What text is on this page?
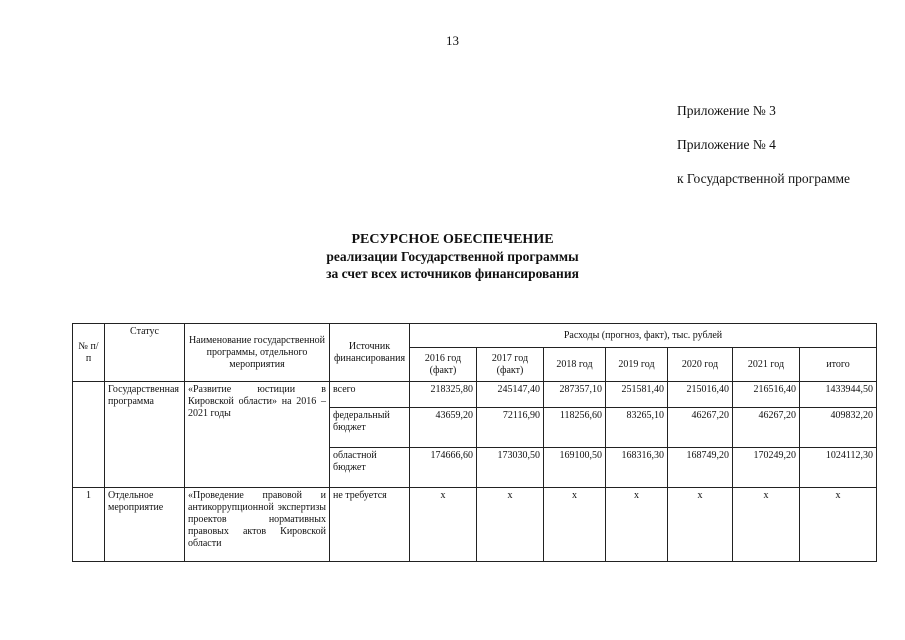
13
Приложение № 3
Приложение № 4
к Государственной программе
РЕСУРСНОЕ ОБЕСПЕЧЕНИЕ
реализации Государственной программы
за счет всех источников финансирования
№ п/п	Статус	Наименование государственной программы, отдельного мероприятия	Источник финансирования	Расходы (прогноз, факт), тыс. рублей						
				2016 год (факт)	2017 год (факт)	2018 год	2019 год	2020 год	2021 год	итого
	Государственная программа	«Развитие юстиции в Кировской области» на 2016 – 2021 годы	всего	218325,80	245147,40	287357,10	251581,40	215016,40	216516,40	1433944,50
			федеральный бюджет	43659,20	72116,90	118256,60	83265,10	46267,20	46267,20	409832,20
			областной бюджет	174666,60	173030,50	169100,50	168316,30	168749,20	170249,20	1024112,30
1	Отдельное мероприятие	«Проведение правовой и антикоррупционной экспертизы проектов нормативных правовых актов Кировской области	не требуется	x	x	x	x	x	x	x
